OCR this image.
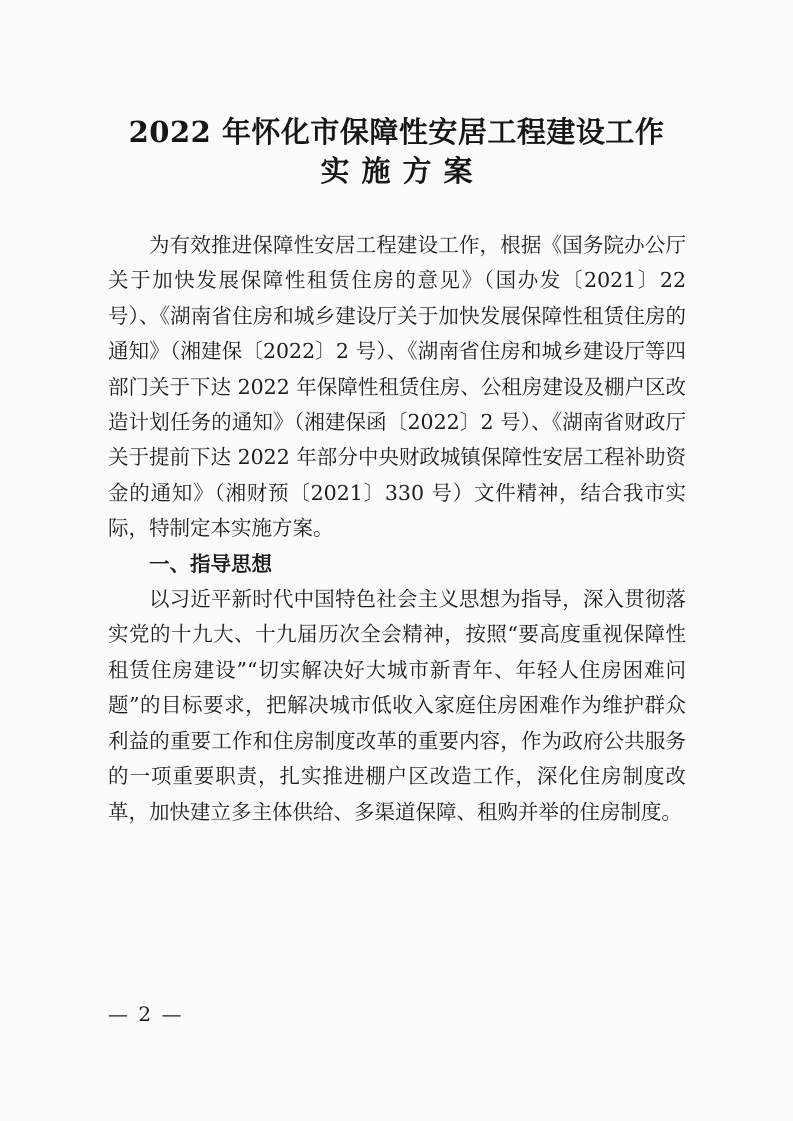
2022 年怀化市保障性安居工程建设工作
实施方案

为有效推进保障性安居工程建设工作，根据《国务院办公厅关于加快发展保障性租赁住房的意见》（国办发〔2021〕22号）、《湖南省住房和城乡建设厅关于加快发展保障性租赁住房的通知》（湘建保〔2022〕2 号）、《湖南省住房和城乡建设厅等四部门关于下达 2022 年保障性租赁住房、公租房建设及棚户区改造计划任务的通知》（湘建保函〔2022〕2 号）、《湖南省财政厅关于提前下达 2022 年部分中央财政城镇保障性安居工程补助资金的通知》（湘财预〔2021〕330 号）文件精神，结合我市实际，特制定本实施方案。

一、指导思想

以习近平新时代中国特色社会主义思想为指导，深入贯彻落实党的十九大、十九届历次全会精神，按照“要高度重视保障性租赁住房建设”“切实解决好大城市新青年、年轻人住房困难问题”的目标要求，把解决城市低收入家庭住房困难作为维护群众利益的重要工作和住房制度改革的重要内容，作为政府公共服务的一项重要职责，扎实推进棚户区改造工作，深化住房制度改革，加快建立多主体供给、多渠道保障、租购并举的住房制度。

— 2 —
